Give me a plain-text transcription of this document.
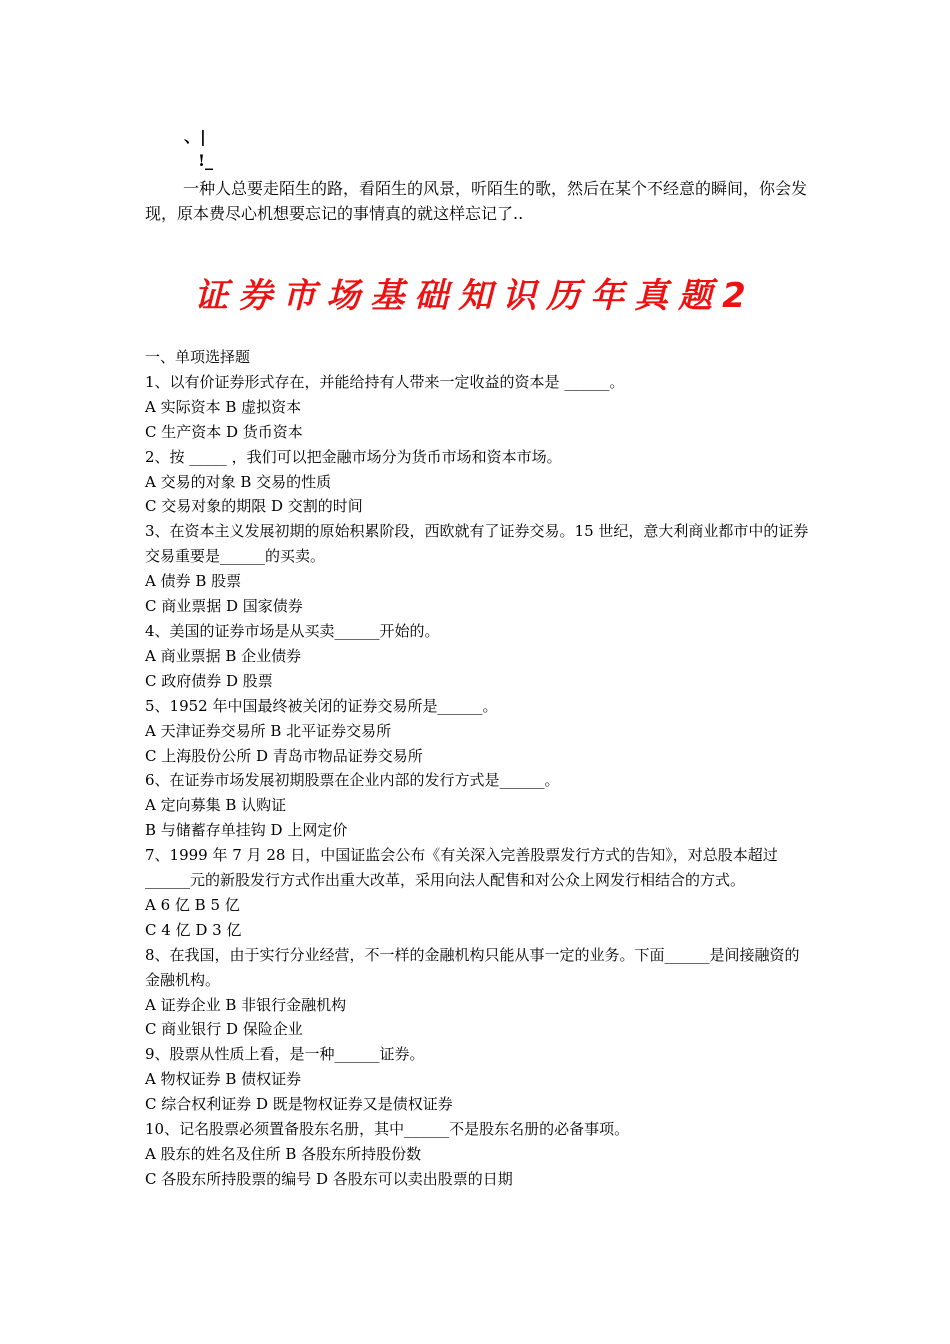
、|
!_

一种人总要走陌生的路，看陌生的风景，听陌生的歌，然后在某个不经意的瞬间，你会发现，原本费尽心机想要忘记的事情真的就这样忘记了..

证券市场基础知识历年真题2

一、单项选择题

1、以有价证券形式存在，并能给持有人带来一定收益的资本是 ______。

A 实际资本 B 虚拟资本

C 生产资本 D 货币资本

2、按 _____ ，我们可以把金融市场分为货币市场和资本市场。

A 交易的对象 B 交易的性质

C 交易对象的期限 D 交割的时间

3、在资本主义发展初期的原始积累阶段，西欧就有了证券交易。15 世纪，意大利商业都市中的证券交易重要是______的买卖。

A 债券 B 股票

C 商业票据 D 国家债券

4、美国的证券市场是从买卖______开始的。

A 商业票据 B 企业债券

C 政府债券 D 股票

5、1952 年中国最终被关闭的证券交易所是______。

A 天津证券交易所 B 北平证券交易所

C 上海股份公所 D 青岛市物品证券交易所

6、在证券市场发展初期股票在企业内部的发行方式是______。

A 定向募集 B 认购证

B 与储蓄存单挂钩 D 上网定价

7、1999 年 7 月 28 日，中国证监会公布《有关深入完善股票发行方式的告知》，对总股本超过______元的新股发行方式作出重大改革，采用向法人配售和对公众上网发行相结合的方式。

A 6 亿 B 5 亿

C 4 亿 D 3 亿

8、在我国，由于实行分业经营，不一样的金融机构只能从事一定的业务。下面______是间接融资的金融机构。

A 证券企业 B 非银行金融机构

C 商业银行 D 保险企业

9、股票从性质上看，是一种______证券。

A 物权证券 B 债权证券

C 综合权利证券 D 既是物权证券又是债权证券

10、记名股票必须置备股东名册，其中______不是股东名册的必备事项。

A 股东的姓名及住所 B 各股东所持股份数

C 各股东所持股票的编号 D 各股东可以卖出股票的日期
